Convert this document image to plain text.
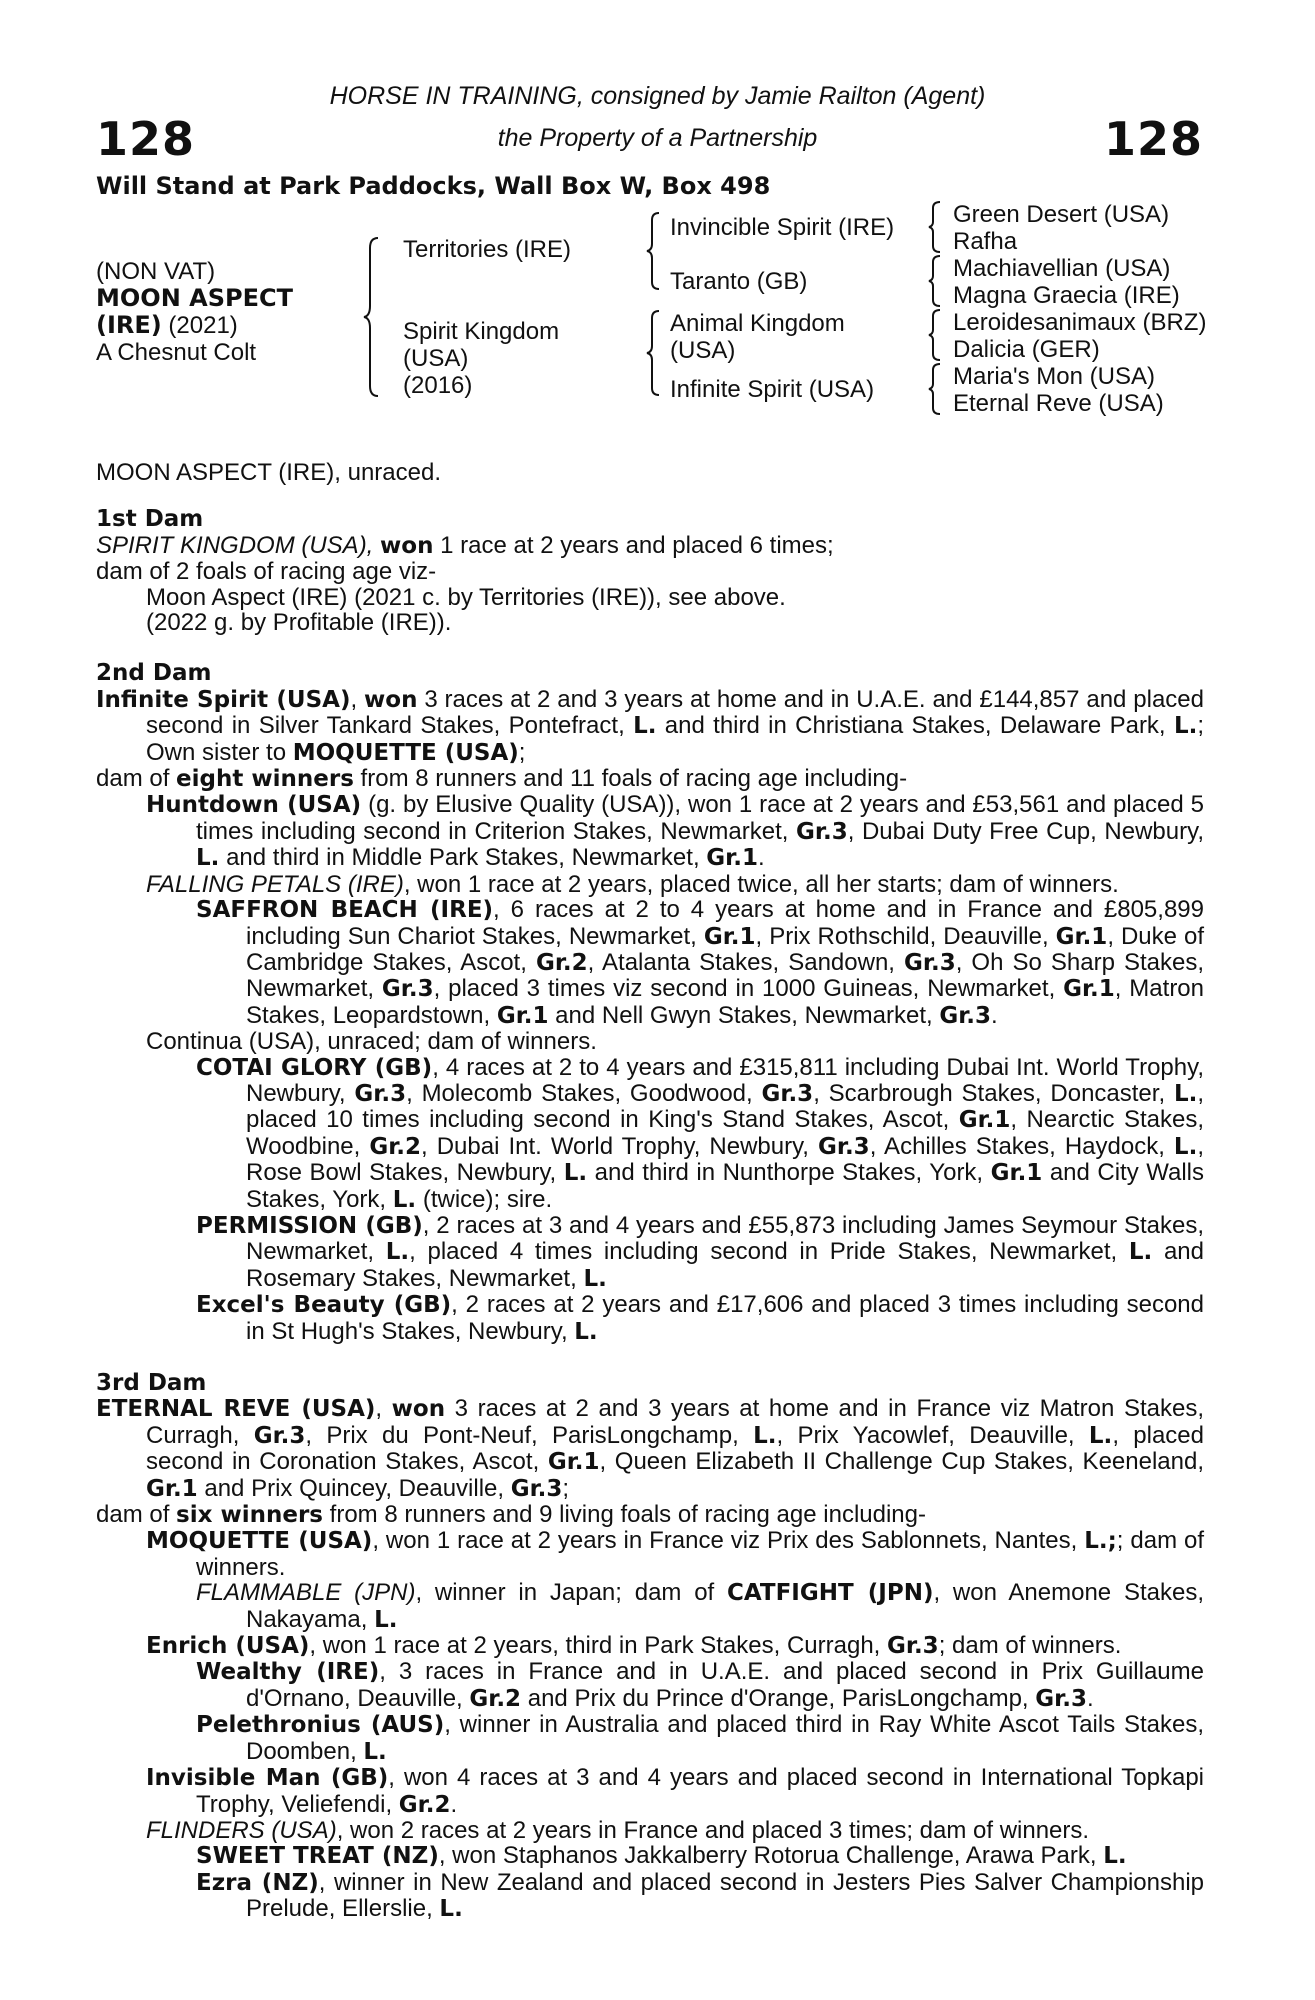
128	128
HORSE IN TRAINING, consigned by Jamie Railton (Agent)
the Property of a Partnership
Will Stand at Park Paddocks, Wall Box W, Box 498
(NON VAT)
MOON ASPECT
(IRE) (2021)
A Chesnut Colt
Territories (IRE)
Spirit Kingdom
(USA)
(2016)
Invincible Spirit (IRE)
Taranto (GB)
Animal Kingdom
(USA)
Infinite Spirit (USA)
Green Desert (USA)
Rafha
Machiavellian (USA)
Magna Graecia (IRE)
Leroidesanimaux (BRZ)
Dalicia (GER)
Maria's Mon (USA)
Eternal Reve (USA)

MOON ASPECT (IRE), unraced.

1st Dam

SPIRIT KINGDOM (USA), won 1 race at 2 years and placed 6 times;

dam of 2 foals of racing age viz-

Moon Aspect (IRE) (2021 c. by Territories (IRE)), see above.

(2022 g. by Profitable (IRE)).

2nd Dam

Infinite Spirit (USA), won 3 races at 2 and 3 years at home and in U.A.E. and £144,857 and placed second in Silver Tankard Stakes, Pontefract, L. and third in Christiana Stakes, Delaware Park, L.; Own sister to MOQUETTE (USA);

dam of eight winners from 8 runners and 11 foals of racing age including-

Huntdown (USA) (g. by Elusive Quality (USA)), won 1 race at 2 years and £53,561 and placed 5 times including second in Criterion Stakes, Newmarket, Gr.3, Dubai Duty Free Cup, Newbury, L. and third in Middle Park Stakes, Newmarket, Gr.1.

FALLING PETALS (IRE), won 1 race at 2 years, placed twice, all her starts; dam of winners.

SAFFRON BEACH (IRE), 6 races at 2 to 4 years at home and in France and £805,899 including Sun Chariot Stakes, Newmarket, Gr.1, Prix Rothschild, Deauville, Gr.1, Duke of Cambridge Stakes, Ascot, Gr.2, Atalanta Stakes, Sandown, Gr.3, Oh So Sharp Stakes, Newmarket, Gr.3, placed 3 times viz second in 1000 Guineas, Newmarket, Gr.1, Matron Stakes, Leopardstown, Gr.1 and Nell Gwyn Stakes, Newmarket, Gr.3.

Continua (USA), unraced; dam of winners.

COTAI GLORY (GB), 4 races at 2 to 4 years and £315,811 including Dubai Int. World Trophy, Newbury, Gr.3, Molecomb Stakes, Goodwood, Gr.3, Scarbrough Stakes, Doncaster, L., placed 10 times including second in King's Stand Stakes, Ascot, Gr.1, Nearctic Stakes, Woodbine, Gr.2, Dubai Int. World Trophy, Newbury, Gr.3, Achilles Stakes, Haydock, L., Rose Bowl Stakes, Newbury, L. and third in Nunthorpe Stakes, York, Gr.1 and City Walls Stakes, York, L. (twice); sire.

PERMISSION (GB), 2 races at 3 and 4 years and £55,873 including James Seymour Stakes, Newmarket, L., placed 4 times including second in Pride Stakes, Newmarket, L. and Rosemary Stakes, Newmarket, L.

Excel's Beauty (GB), 2 races at 2 years and £17,606 and placed 3 times including second in St Hugh's Stakes, Newbury, L.

3rd Dam

ETERNAL REVE (USA), won 3 races at 2 and 3 years at home and in France viz Matron Stakes, Curragh, Gr.3, Prix du Pont-Neuf, ParisLongchamp, L., Prix Yacowlef, Deauville, L., placed second in Coronation Stakes, Ascot, Gr.1, Queen Elizabeth II Challenge Cup Stakes, Keeneland, Gr.1 and Prix Quincey, Deauville, Gr.3;

dam of six winners from 8 runners and 9 living foals of racing age including-

MOQUETTE (USA), won 1 race at 2 years in France viz Prix des Sablonnets, Nantes, L.;; dam of winners.

FLAMMABLE (JPN), winner in Japan; dam of CATFIGHT (JPN), won Anemone Stakes, Nakayama, L.

Enrich (USA), won 1 race at 2 years, third in Park Stakes, Curragh, Gr.3; dam of winners.

Wealthy (IRE), 3 races in France and in U.A.E. and placed second in Prix Guillaume d'Ornano, Deauville, Gr.2 and Prix du Prince d'Orange, ParisLongchamp, Gr.3.

Pelethronius (AUS), winner in Australia and placed third in Ray White Ascot Tails Stakes, Doomben, L.

Invisible Man (GB), won 4 races at 3 and 4 years and placed second in International Topkapi Trophy, Veliefendi, Gr.2.

FLINDERS (USA), won 2 races at 2 years in France and placed 3 times; dam of winners.

SWEET TREAT (NZ), won Staphanos Jakkalberry Rotorua Challenge, Arawa Park, L.

Ezra (NZ), winner in New Zealand and placed second in Jesters Pies Salver Championship Prelude, Ellerslie, L.
